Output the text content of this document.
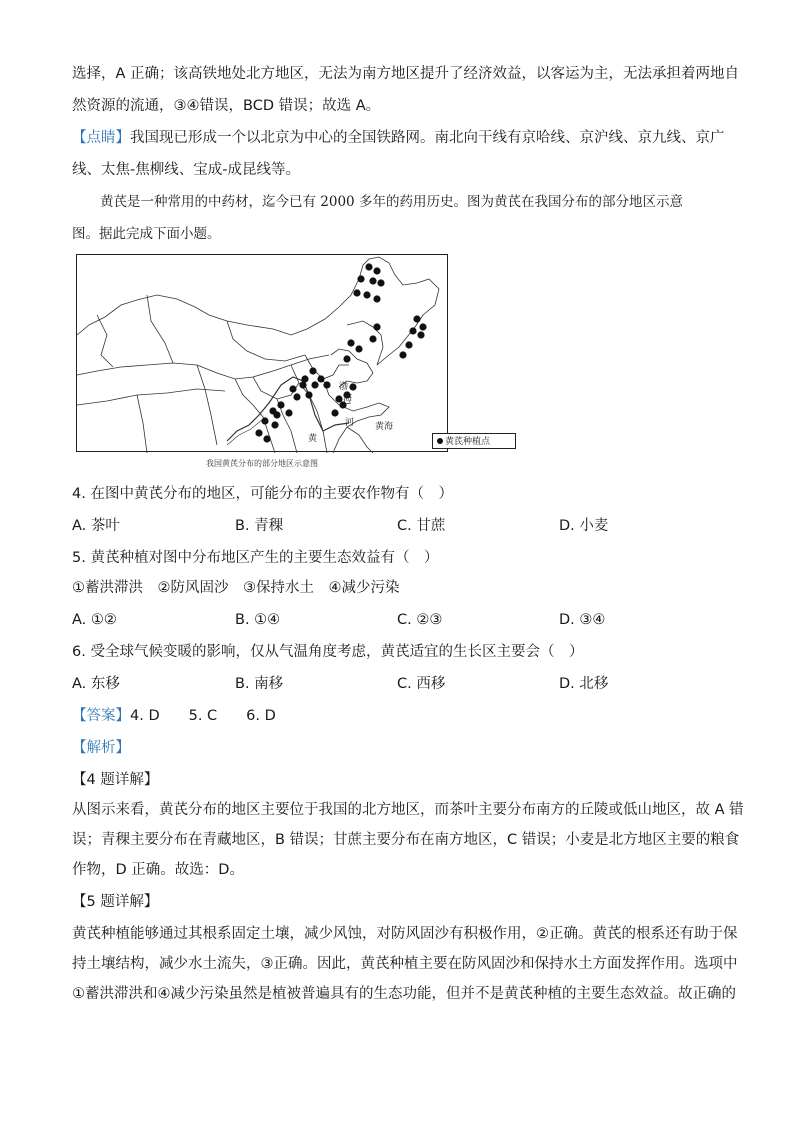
选择，A 正确；该高铁地处北方地区，无法为南方地区提升了经济效益，以客运为主，无法承担着两地自
然资源的流通，③④错误，BCD 错误；故选 A。
【点睛】我国现已形成一个以北京为中心的全国铁路网。南北向干线有京哈线、京沪线、京九线、京广
线、太焦-焦柳线、宝成-成昆线等。
黄芪是一种常用的中药材，迄今已有 2000 多年的药用历史。图为黄芪在我国分布的部分地区示意
图。据此完成下面小题。
渤
海
黄海
黄
河
黄芪种植点
我国黄芪分布的部分地区示意图
4. 在图中黄芪分布的地区，可能分布的主要农作物有（　）
A. 茶叶	B. 青稞	C. 甘蔗	D. 小麦
5. 黄芪种植对图中分布地区产生的主要生态效益有（　）
①蓄洪滞洪　②防风固沙　③保持水土　④减少污染
A. ①②	B. ①④	C. ②③	D. ③④
6. 受全球气候变暖的影响，仅从气温角度考虑，黄芪适宜的生长区主要会（　）
A. 东移	B. 南移	C. 西移	D. 北移
【答案】4. D　　5. C　　6. D
【解析】
【4 题详解】
从图示来看，黄芪分布的地区主要位于我国的北方地区，而茶叶主要分布南方的丘陵或低山地区，故 A 错
误；青稞主要分布在青藏地区，B 错误；甘蔗主要分布在南方地区，C 错误；小麦是北方地区主要的粮食
作物，D 正确。故选：D。
【5 题详解】
黄芪种植能够通过其根系固定土壤，减少风蚀，对防风固沙有积极作用，②正确。黄芪的根系还有助于保
持土壤结构，减少水土流失，③正确。因此，黄芪种植主要在防风固沙和保持水土方面发挥作用。选项中
①蓄洪滞洪和④减少污染虽然是植被普遍具有的生态功能，但并不是黄芪种植的主要生态效益。故正确的
